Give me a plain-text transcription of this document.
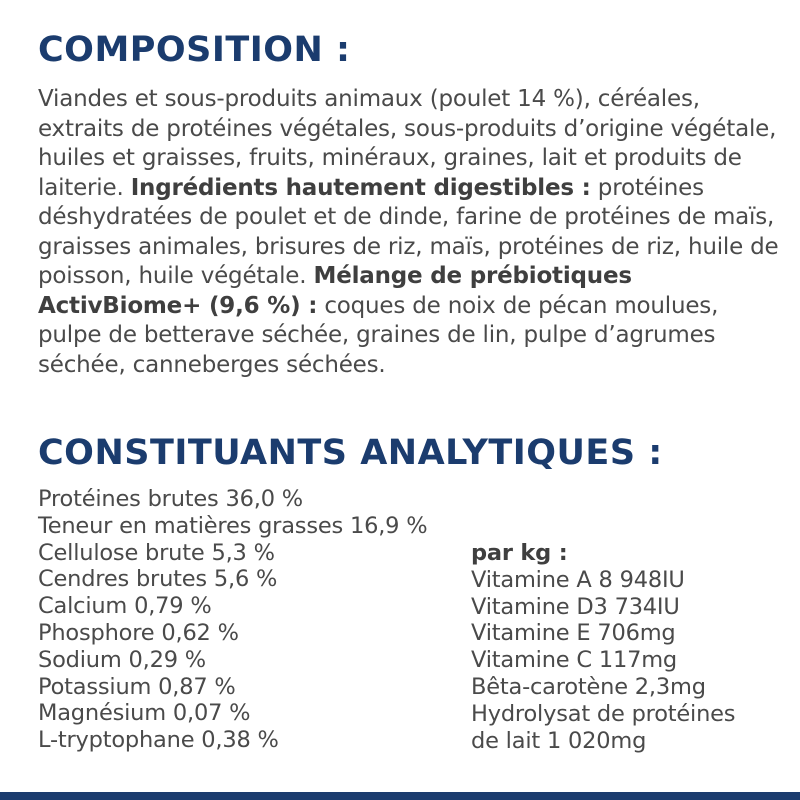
COMPOSITION :

Viandes et sous-produits animaux (poulet 14 %), céréales, extraits de protéines végétales, sous-produits d’origine végétale, huiles et graisses, fruits, minéraux, graines, lait et produits de laiterie. Ingrédients hautement digestibles : protéines déshydratées de poulet et de dinde, farine de protéines de maïs, graisses animales, brisures de riz, maïs, protéines de riz, huile de poisson, huile végétale. Mélange de prébiotiques ActivBiome+ (9,6 %) : coques de noix de pécan moulues, pulpe de betterave séchée, graines de lin, pulpe d’agrumes séchée, canneberges séchées.

CONSTITUANTS ANALYTIQUES :
Protéines brutes 36,0 %
Teneur en matières grasses 16,9 %
Cellulose brute 5,3 %
Cendres brutes 5,6 %
Calcium 0,79 %
Phosphore 0,62 %
Sodium 0,29 %
Potassium 0,87 %
Magnésium 0,07 %
L-tryptophane 0,38 %
par kg :
Vitamine A 8 948IU
Vitamine D3 734IU
Vitamine E 706mg
Vitamine C 117mg
Bêta-carotène 2,3mg
Hydrolysat de protéines
de lait 1 020mg
